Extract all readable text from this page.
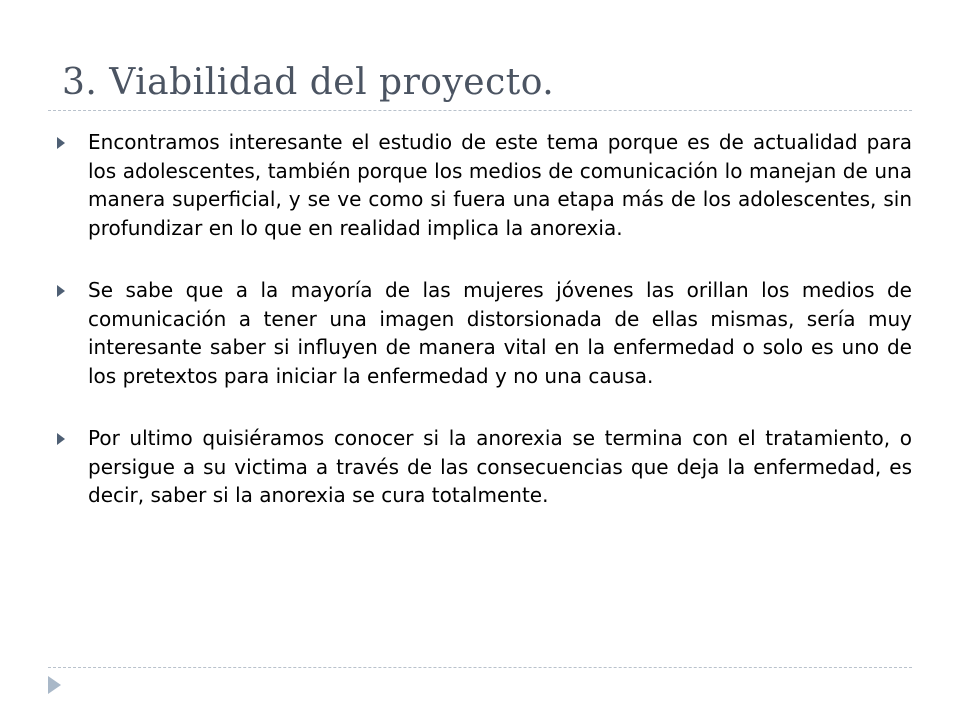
3. Viabilidad del proyecto.
Encontramos interesante el estudio de este tema porque es de actualidad para los adolescentes, también porque los medios de comunicación lo manejan de una manera superficial, y se ve como si fuera una etapa más de los adolescentes, sin profundizar en lo que en realidad implica la anorexia.
Se sabe que a la mayoría de las mujeres jóvenes las orillan los medios de comunicación a tener una imagen distorsionada de ellas mismas, sería muy interesante saber si influyen de manera vital en la enfermedad o solo es uno de los pretextos para iniciar la enfermedad y no una causa.
Por ultimo quisiéramos conocer si la anorexia se termina con el tratamiento, o persigue a su victima a través de las consecuencias que deja la enfermedad, es decir, saber si la anorexia se cura totalmente.
